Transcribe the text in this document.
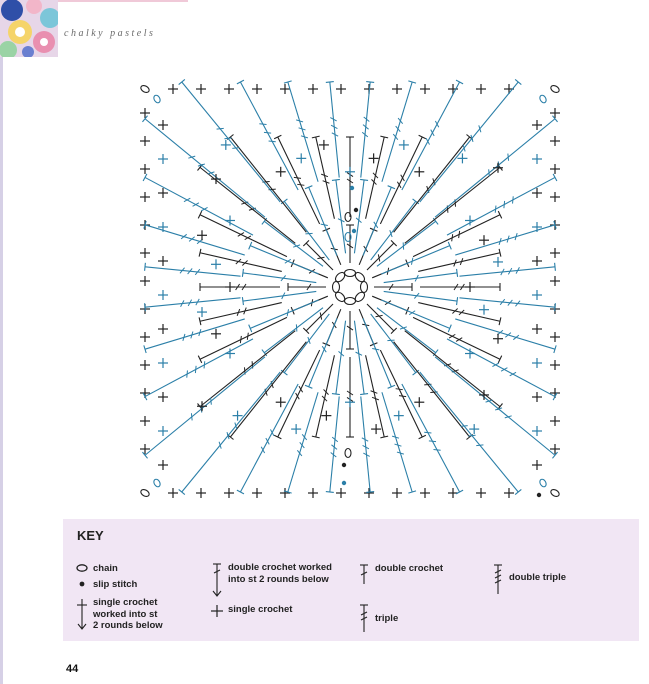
chalky pastels
KEY
chain
slip stitch
single crochet
worked into st
2 rounds below
double crochet worked
into st 2 rounds below
single crochet
double crochet
triple
double triple
44
